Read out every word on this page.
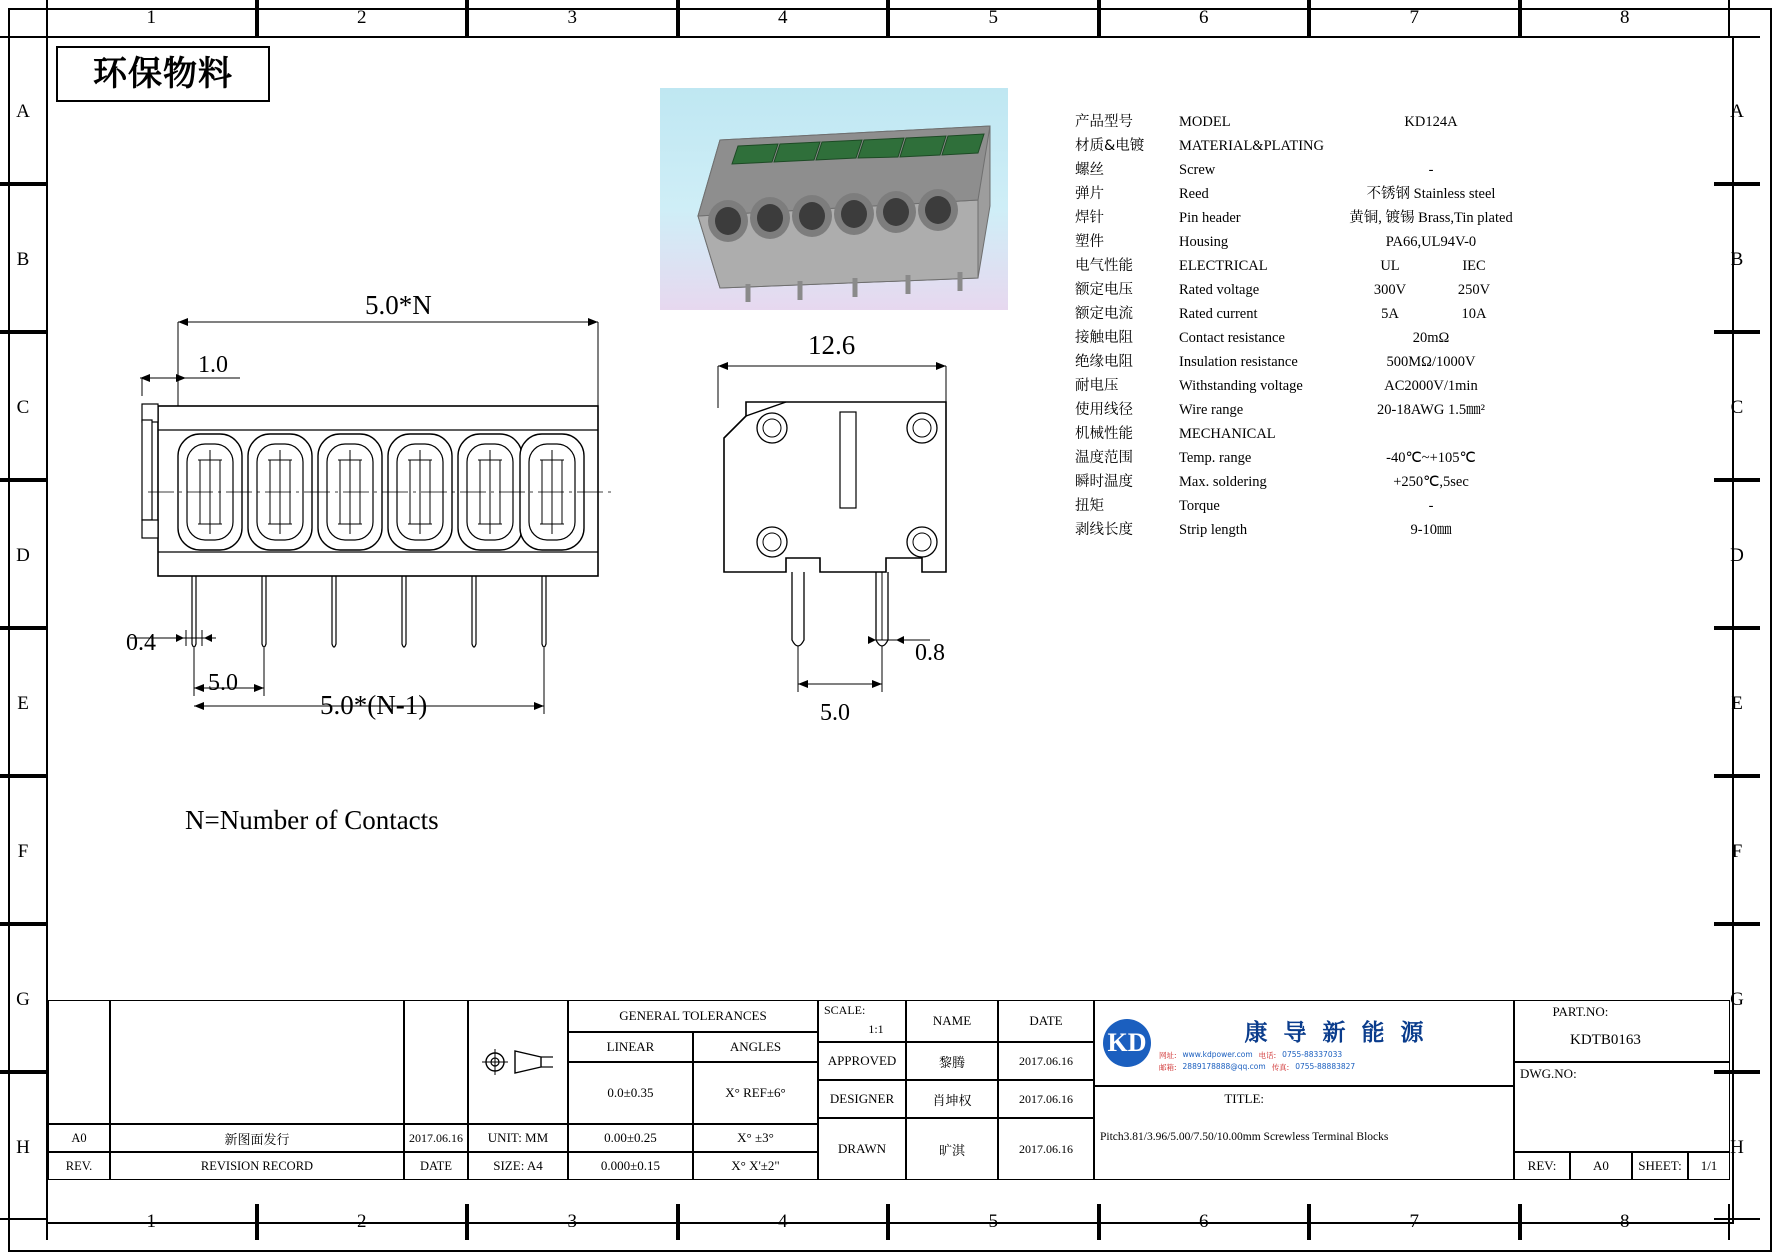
1	2	3	4	5	6	7	8
1	2	3	4	5	6	7	8
A
B
C
D
E
F
G
H
A
B
C
D
E
F
G
H
环保物料
产品型号	MODEL	KD124A
材质&电镀	MATERIAL&PLATING
螺丝	Screw	-
弹片	Reed	不锈钢 Stainless steel
焊针	Pin header	黄铜, 镀锡 Brass,Tin plated
塑件	Housing	PA66,UL94V-0
电气性能	ELECTRICAL	UL	IEC
额定电压	Rated voltage	300V	250V
额定电流	Rated current	5A	10A
接触电阻	Contact resistance	20mΩ
绝缘电阻	Insulation resistance	500MΩ/1000V
耐电压	Withstanding voltage	AC2000V/1min
使用线径	Wire range	20-18AWG 1.5㎜²
机械性能	MECHANICAL
温度范围	Temp. range	-40℃~+105℃
瞬时温度	Max. soldering	+250℃,5sec
扭矩	Torque	-
剥线长度	Strip length	9-10㎜
5.0*N
1.0
0.4
5.0
5.0*(N-1)
N=Number of Contacts
12.6
0.8
5.0
A0	新图面发行	2017.06.16
REV.	REVISION RECORD	DATE
UNIT: MM
SIZE: A4
GENERAL TOLERANCES
LINEAR	ANGLES
0.0±0.35	X° REF±6°
0.00±0.25	X° ±3°
0.000±0.15	X° X'±2"
SCALE:
1:1
NAME	DATE
APPROVED	黎腾	2017.06.16
DESIGNER	肖坤权	2017.06.16
DRAWN	旷淇	2017.06.16
KD	康 导 新 能 源
网址: www.kdpower.com 电话: 0755-88337033
邮箱: 2889178888@qq.com 传真: 0755-88883827
TITLE:
Pitch3.81/3.96/5.00/7.50/10.00mm Screwless Terminal Blocks
PART.NO:
KDTB0163
DWG.NO:
REV:	A0	SHEET:	1/1
